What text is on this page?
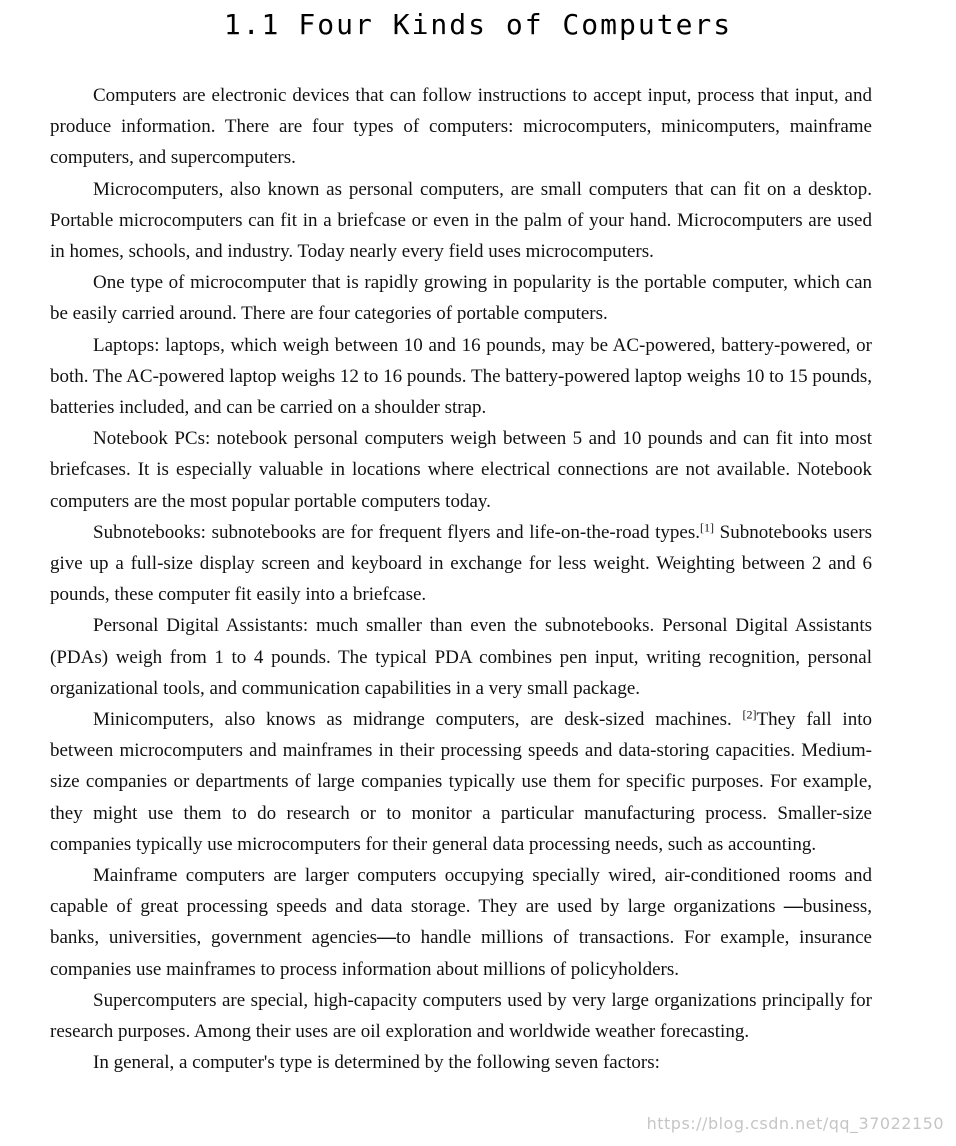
1.1 Four Kinds of Computers

Computers are electronic devices that can follow instructions to accept input, process that input, and produce information. There are four types of computers: microcomputers, minicomputers, mainframe computers, and supercomputers.

Microcomputers, also known as personal computers, are small computers that can fit on a desktop. Portable microcomputers can fit in a briefcase or even in the palm of your hand. Microcomputers are used in homes, schools, and industry. Today nearly every field uses microcomputers.

One type of microcomputer that is rapidly growing in popularity is the portable computer, which can be easily carried around. There are four categories of portable computers.

Laptops: laptops, which weigh between 10 and 16 pounds, may be AC-powered, battery-powered, or both. The AC-powered laptop weighs 12 to 16 pounds. The battery-powered laptop weighs 10 to 15 pounds, batteries included, and can be carried on a shoulder strap.

Notebook PCs: notebook personal computers weigh between 5 and 10 pounds and can fit into most briefcases. It is especially valuable in locations where electrical connections are not available. Notebook computers are the most popular portable computers today.

Subnotebooks: subnotebooks are for frequent flyers and life-on-the-road types.[1] Subnotebooks users give up a full-size display screen and keyboard in exchange for less weight. Weighting between 2 and 6 pounds, these computer fit easily into a briefcase.

Personal Digital Assistants: much smaller than even the subnotebooks. Personal Digital Assistants (PDAs) weigh from 1 to 4 pounds. The typical PDA combines pen input, writing recognition, personal organizational tools, and communication capabilities in a very small package.

Minicomputers, also knows as midrange computers, are desk-sized machines. [2]They fall into between microcomputers and mainframes in their processing speeds and data-storing capacities. Medium-size companies or departments of large companies typically use them for specific purposes. For example, they might use them to do research or to monitor a particular manufacturing process. Smaller-size companies typically use microcomputers for their general data processing needs, such as accounting.

Mainframe computers are larger computers occupying specially wired, air-conditioned rooms and capable of great processing speeds and data storage. They are used by large organizations —business, banks, universities, government agencies—to handle millions of transactions. For example, insurance companies use mainframes to process information about millions of policyholders.

Supercomputers are special, high-capacity computers used by very large organizations principally for research purposes. Among their uses are oil exploration and worldwide weather forecasting.

In general, a computer's type is determined by the following seven factors:

https://blog.csdn.net/qq_37022150
